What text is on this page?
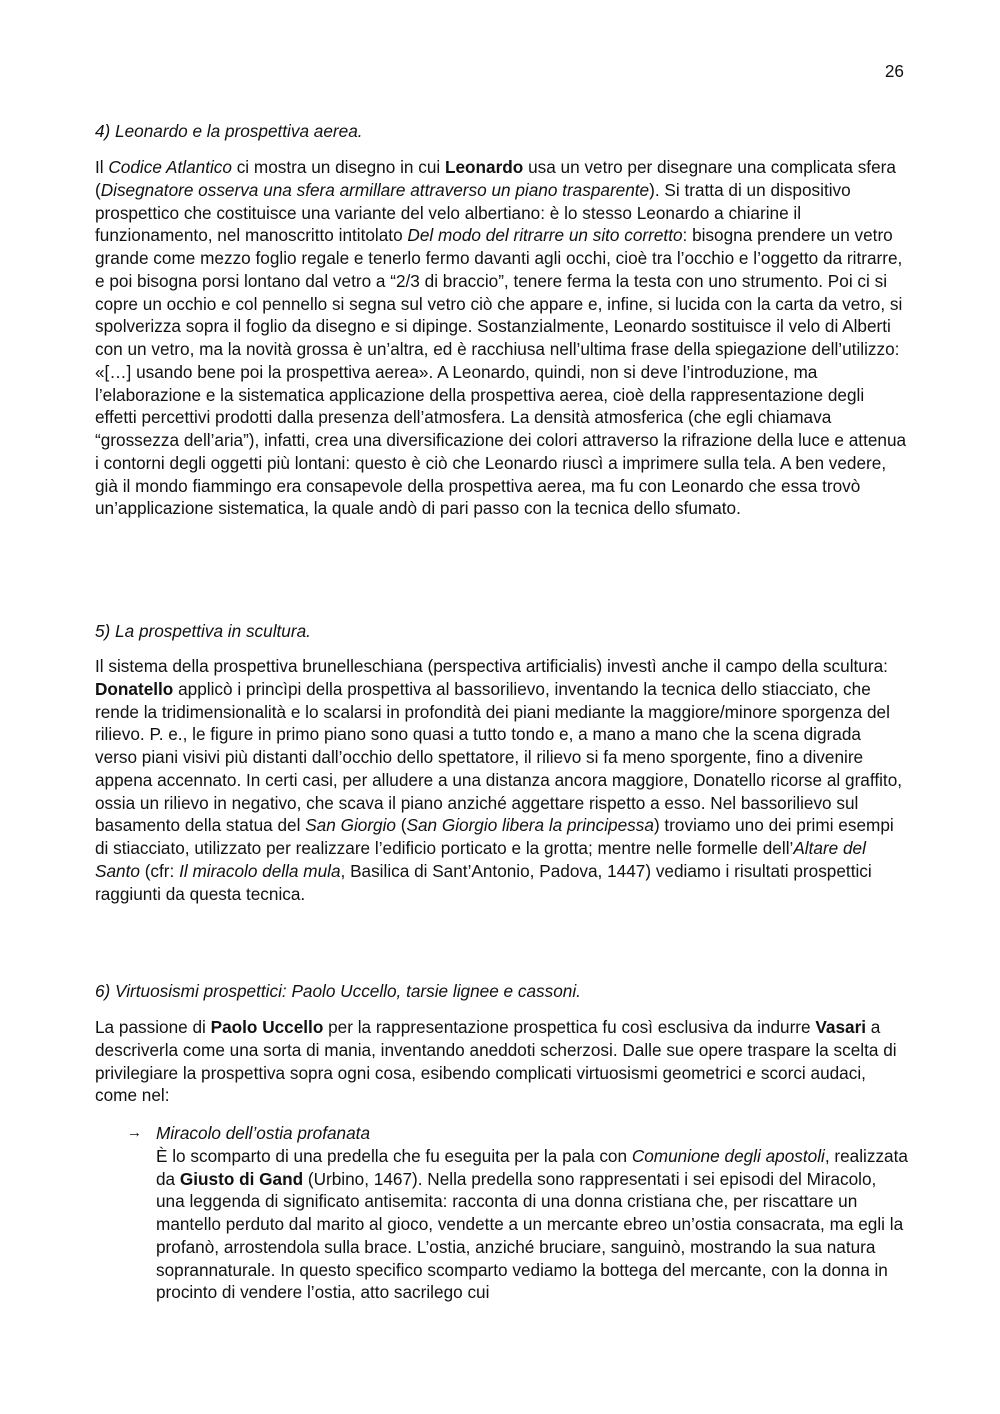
26
4) Leonardo e la prospettiva aerea.

Il Codice Atlantico ci mostra un disegno in cui Leonardo usa un vetro per disegnare una complicata sfera (Disegnatore osserva una sfera armillare attraverso un piano trasparente). Si tratta di un dispositivo prospettico che costituisce una variante del velo albertiano: è lo stesso Leonardo a chiarine il funzionamento, nel manoscritto intitolato Del modo del ritrarre un sito corretto: bisogna prendere un vetro grande come mezzo foglio regale e tenerlo fermo davanti agli occhi, cioè tra l’occhio e l’oggetto da ritrarre, e poi bisogna porsi lontano dal vetro a “2/3 di braccio”, tenere ferma la testa con uno strumento. Poi ci si copre un occhio e col pennello si segna sul vetro ciò che appare e, infine, si lucida con la carta da vetro, si spolverizza sopra il foglio da disegno e si dipinge. Sostanzialmente, Leonardo sostituisce il velo di Alberti con un vetro, ma la novità grossa è un’altra, ed è racchiusa nell’ultima frase della spiegazione dell’utilizzo: «[…] usando bene poi la prospettiva aerea». A Leonardo, quindi, non si deve l’introduzione, ma l’elaborazione e la sistematica applicazione della prospettiva aerea, cioè della rappresentazione degli effetti percettivi prodotti dalla presenza dell’atmosfera. La densità atmosferica (che egli chiamava “grossezza dell’aria”), infatti, crea una diversificazione dei colori attraverso la rifrazione della luce e attenua i contorni degli oggetti più lontani: questo è ciò che Leonardo riuscì a imprimere sulla tela. A ben vedere, già il mondo fiammingo era consapevole della prospettiva aerea, ma fu con Leonardo che essa trovò un’applicazione sistematica, la quale andò di pari passo con la tecnica dello sfumato.

5) La prospettiva in scultura.

Il sistema della prospettiva brunelleschiana (perspectiva artificialis) investì anche il campo della scultura: Donatello applicò i princìpi della prospettiva al bassorilievo, inventando la tecnica dello stiacciato, che rende la tridimensionalità e lo scalarsi in profondità dei piani mediante la maggiore/minore sporgenza del rilievo. P. e., le figure in primo piano sono quasi a tutto tondo e, a mano a mano che la scena digrada verso piani visivi più distanti dall’occhio dello spettatore, il rilievo si fa meno sporgente, fino a divenire appena accennato. In certi casi, per alludere a una distanza ancora maggiore, Donatello ricorse al graffito, ossia un rilievo in negativo, che scava il piano anziché aggettare rispetto a esso. Nel bassorilievo sul basamento della statua del San Giorgio (San Giorgio libera la principessa) troviamo uno dei primi esempi di stiacciato, utilizzato per realizzare l’edificio porticato e la grotta; mentre nelle formelle dell’Altare del Santo (cfr: Il miracolo della mula, Basilica di Sant’Antonio, Padova, 1447) vediamo i risultati prospettici raggiunti da questa tecnica.

6) Virtuosismi prospettici: Paolo Uccello, tarsie lignee e cassoni.

La passione di Paolo Uccello per la rappresentazione prospettica fu così esclusiva da indurre Vasari a descriverla come una sorta di mania, inventando aneddoti scherzosi. Dalle sue opere traspare la scelta di privilegiare la prospettiva sopra ogni cosa, esibendo complicati virtuosismi geometrici e scorci audaci, come nel:

→ Miracolo dell’ostia profanata
È lo scomparto di una predella che fu eseguita per la pala con Comunione degli apostoli, realizzata da Giusto di Gand (Urbino, 1467). Nella predella sono rappresentati i sei episodi del Miracolo, una leggenda di significato antisemita: racconta di una donna cristiana che, per riscattare un mantello perduto dal marito al gioco, vendette a un mercante ebreo un’ostia consacrata, ma egli la profanò, arrostendola sulla brace. L’ostia, anziché bruciare, sanguinò, mostrando la sua natura soprannaturale. In questo specifico scomparto vediamo la bottega del mercante, con la donna in procinto di vendere l’ostia, atto sacrilego cui
